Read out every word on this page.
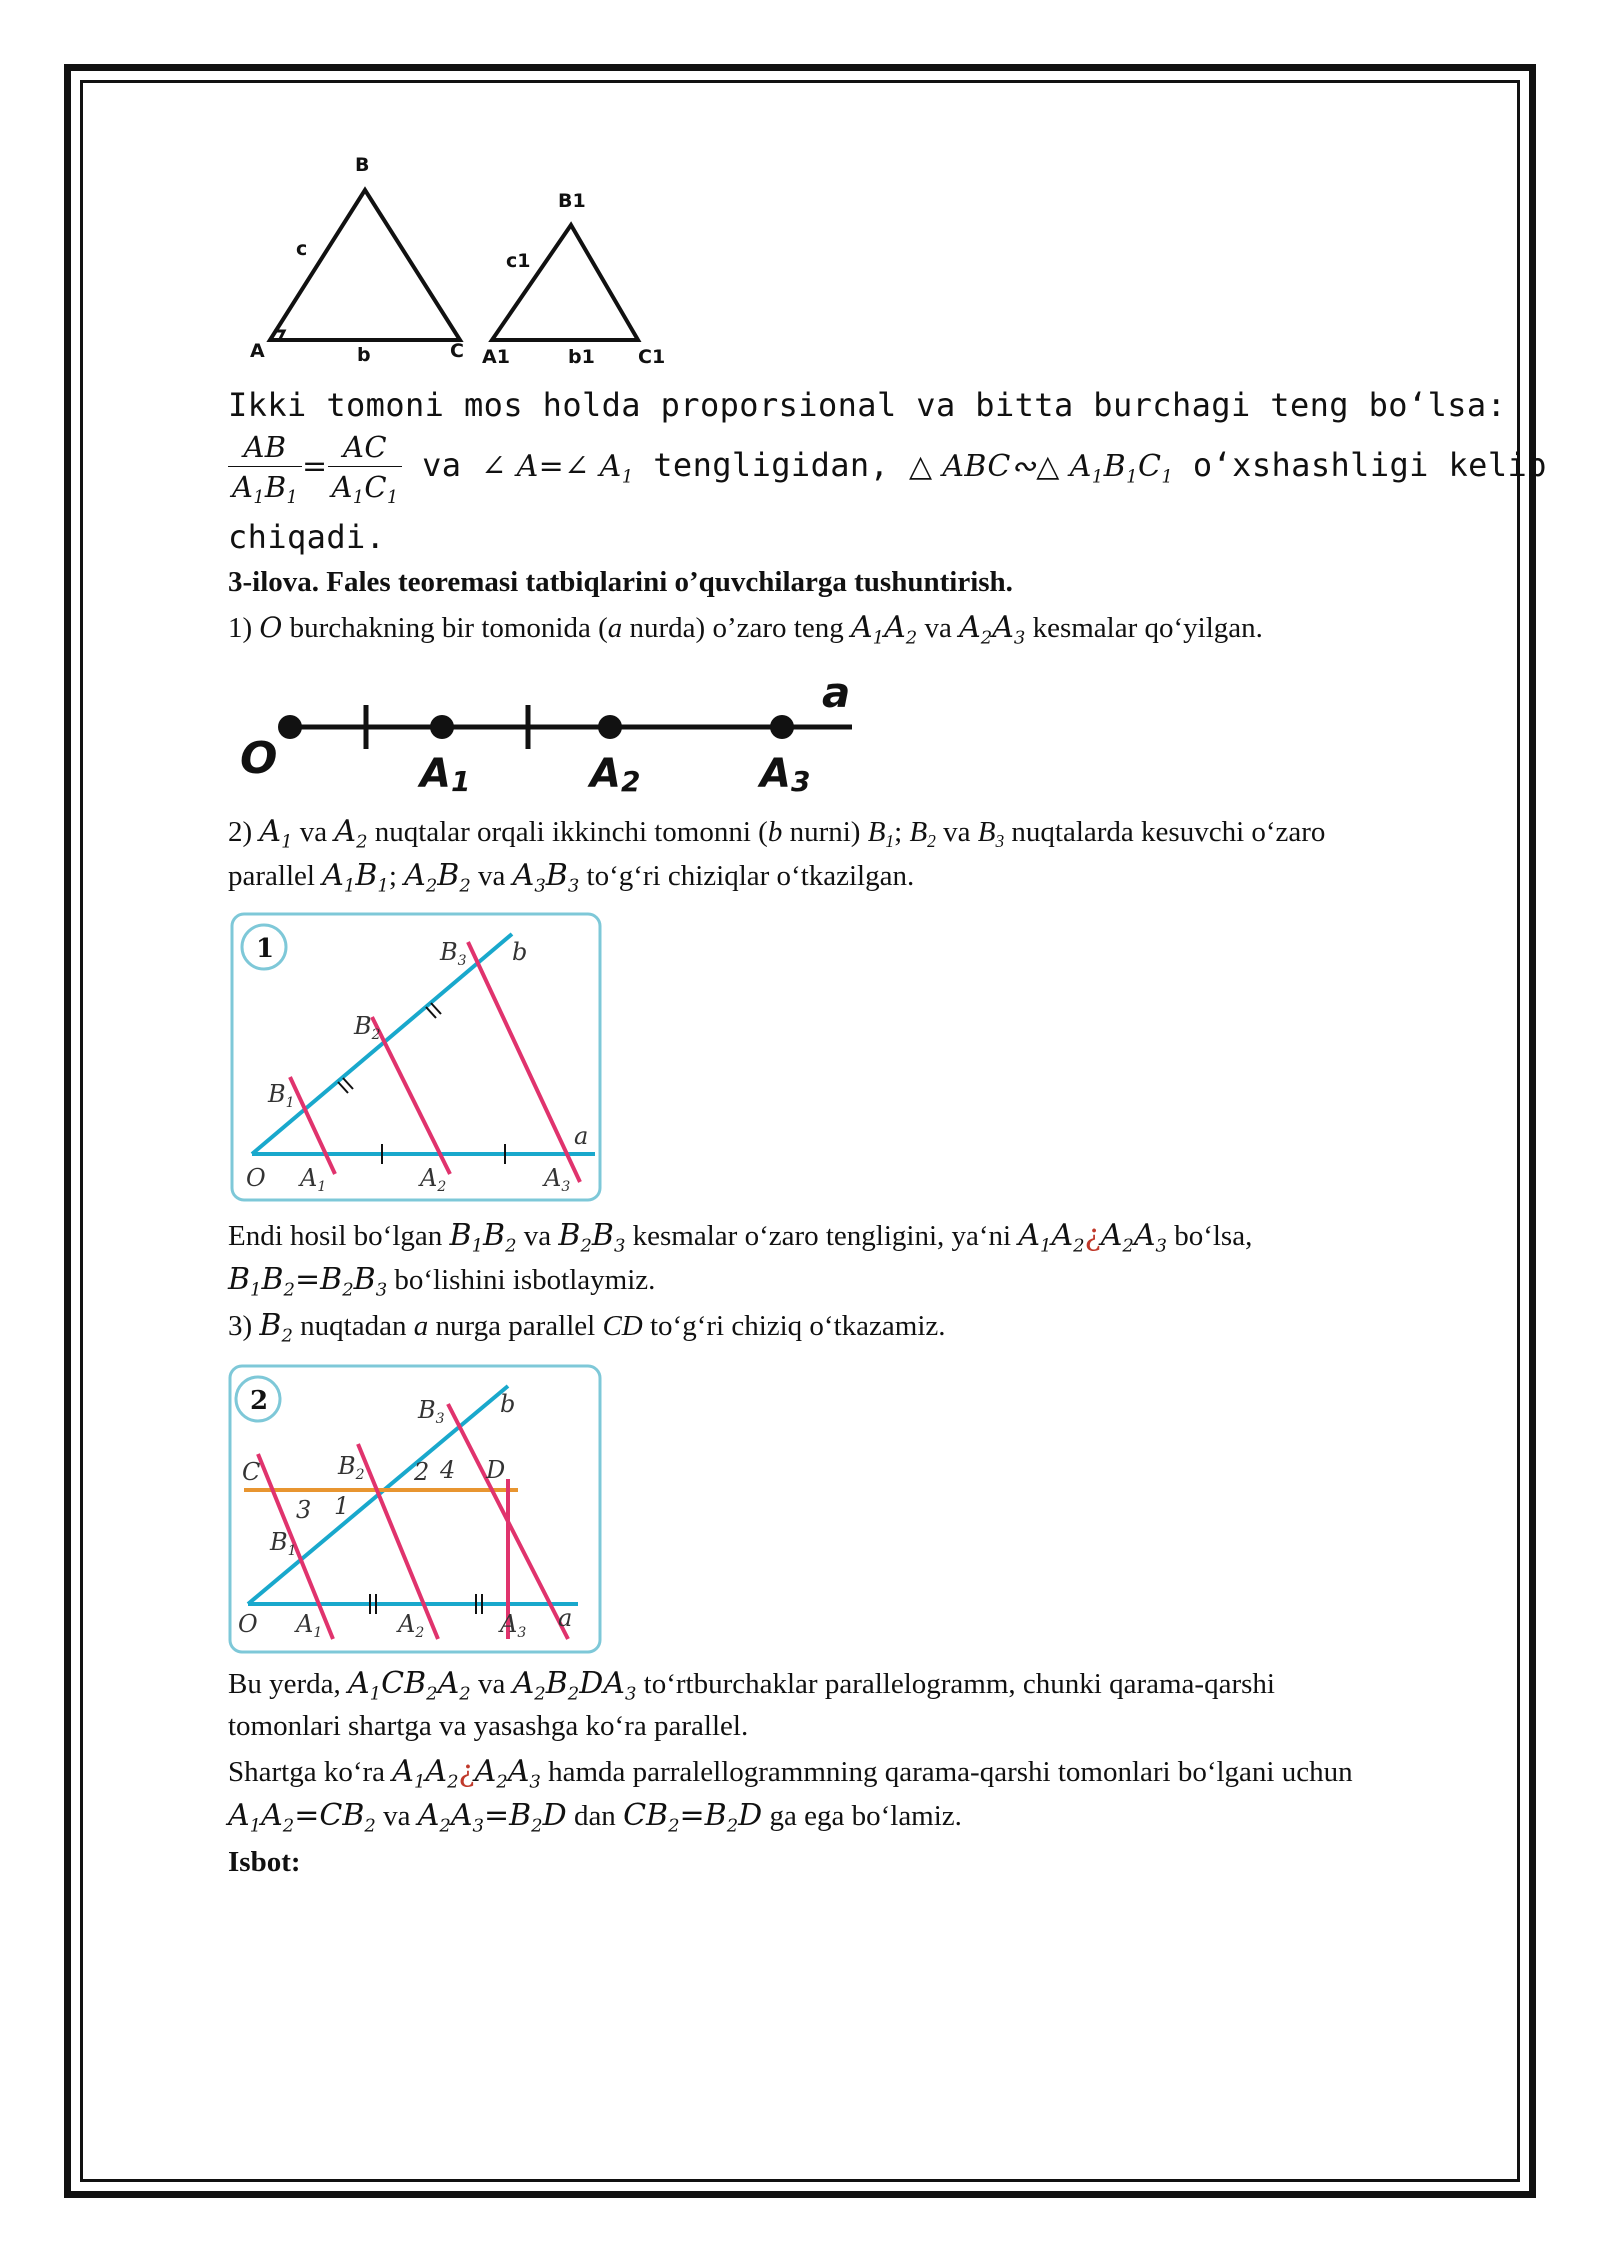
B
A	C
b
c
B1
C1
A1	b1
c1
Ikki tomoni mos holda proporsional va bitta burchagi teng bo‘lsa:
$\frac{AB}{A_1B_1} = \frac{AC}{A_1C_1}$ va ∠ A=∠ $A_1$ tengligidan, △ ABC∾△ $A_1B_1C_1$ o‘xshashligi kelib
chiqadi.
3-ilova. Fales teoremasi tatbiqlarini o’quvchilarga tushuntirish.
1) O burchakning bir tomonida (a nurda) o’zaro teng $A_1A_2$ va $A_2A_3$ kesmalar qo‘yilgan.
O
a
A1	A2	A3
2) $A_1$ va $A_2$ nuqtalar orqali ikkinchi tomonni (b nurni) $B_1$; $B_2$ va $B_3$ nuqtalarda kesuvchi o‘zaro
parallel $A_1B_1$; $A_2B_2$ va $A_3B_3$ to‘g‘ri chiziqlar o‘tkazilgan.
1	$B_3$ b
$B_2$
$B_1$
a
O $A_1$	$A_2$	$A_3$
Endi hosil bo‘lgan $B_1B_2$ va $B_2B_3$ kesmalar o‘zaro tengligini, ya‘ni $A_1A_2¿A_2A_3$ bo‘lsa,
$B_1B_2=B_2B_3$ bo‘lishini isbotlaymiz.
3) $B_2$ nuqtadan a nurga parallel CD to‘g‘ri chiziq o‘tkazamiz.
2	$B_3$
b
C	$B_2$ 2 4 D
3 1
$B_1$
O $A_1$	$A_2$	$A_3$
a
Bu yerda, $A_1CB_2A_2$ va $A_2B_2DA_3$ to‘rtburchaklar parallelogramm, chunki qarama-qarshi
tomonlari shartga va yasashga ko‘ra parallel.
Shartga ko‘ra $A_1A_2¿A_2A_3$ hamda parralellogrammning qarama-qarshi tomonlari bo‘lgani uchun
$A_1A_2=CB_2$ va $A_2A_3=B_2D$ dan $CB_2=B_2D$ ga ega bo‘lamiz.
Isbot:
